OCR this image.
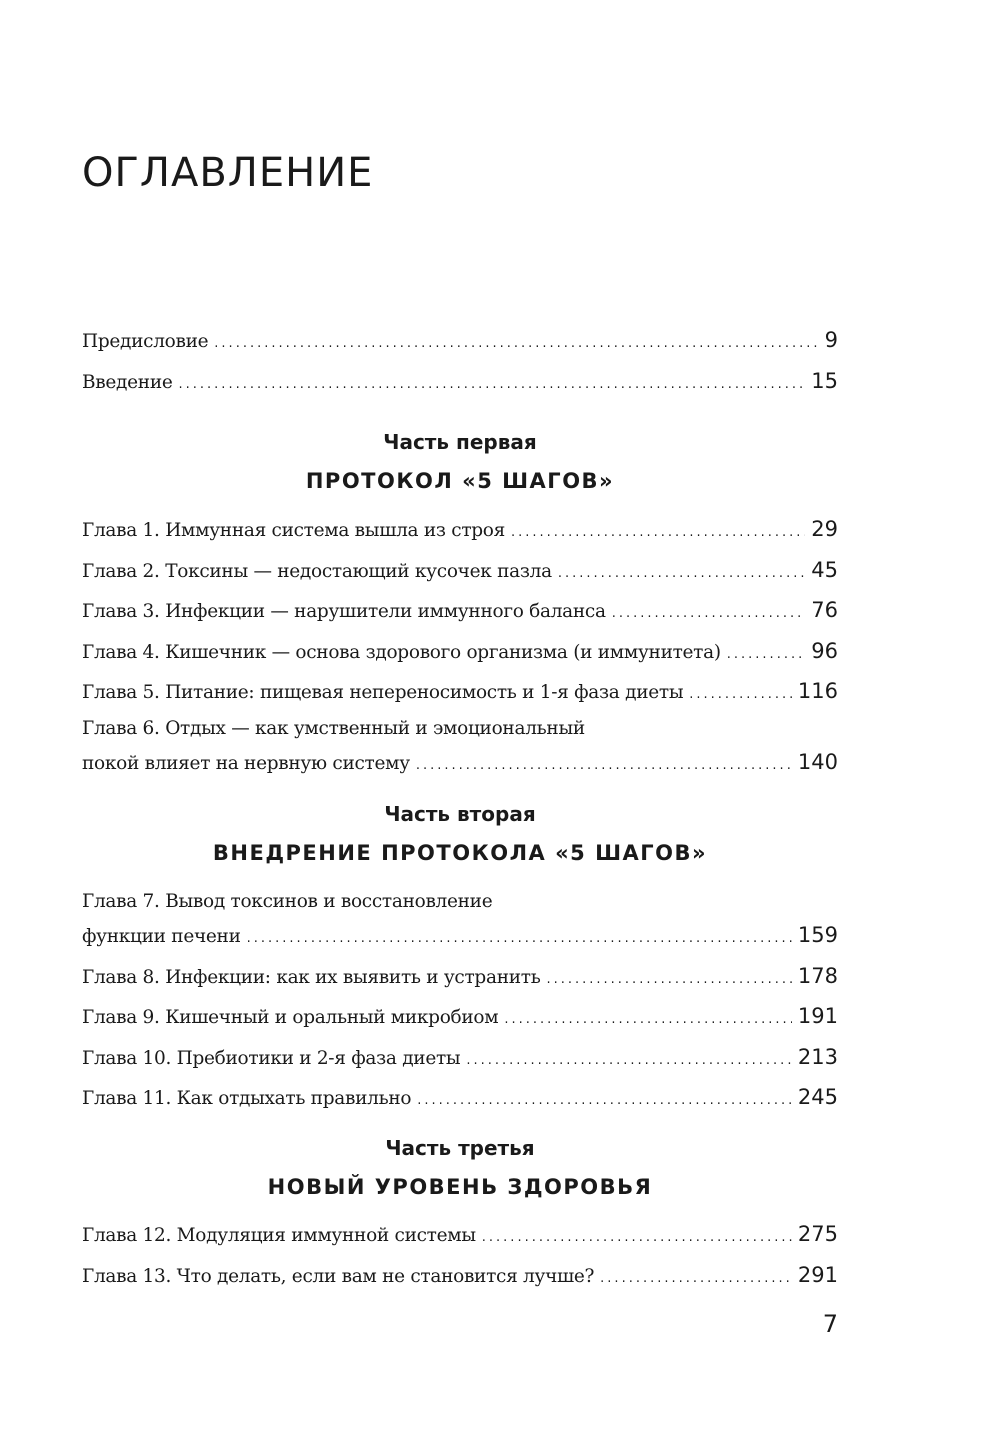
ОГЛАВЛЕНИЕ
Предисловие .....	9
Введение .....	15
Часть первая
ПРОТОКОЛ «5 ШАГОВ»
Глава 1. Иммунная система вышла из строя .....	29
Глава 2. Токсины — недостающий кусочек пазла .....	45
Глава 3. Инфекции — нарушители иммунного баланса .....	76
Глава 4. Кишечник — основа здорового организма (и иммунитета) .....	96
Глава 5. Питание: пищевая непереносимость и 1-я фаза диеты .....	116
Глава 6. Отдых — как умственный и эмоциональный
покой влияет на нервную систему .....	140
Часть вторая
ВНЕДРЕНИЕ ПРОТОКОЛА «5 ШАГОВ»
Глава 7. Вывод токсинов и восстановление
функции печени .....	159
Глава 8. Инфекции: как их выявить и устранить .....	178
Глава 9. Кишечный и оральный микробиом .....	191
Глава 10. Пребиотики и 2-я фаза диеты .....	213
Глава 11. Как отдыхать правильно .....	245
Часть третья
НОВЫЙ УРОВЕНЬ ЗДОРОВЬЯ
Глава 12. Модуляция иммунной системы .....	275
Глава 13. Что делать, если вам не становится лучше? .....	291
7
